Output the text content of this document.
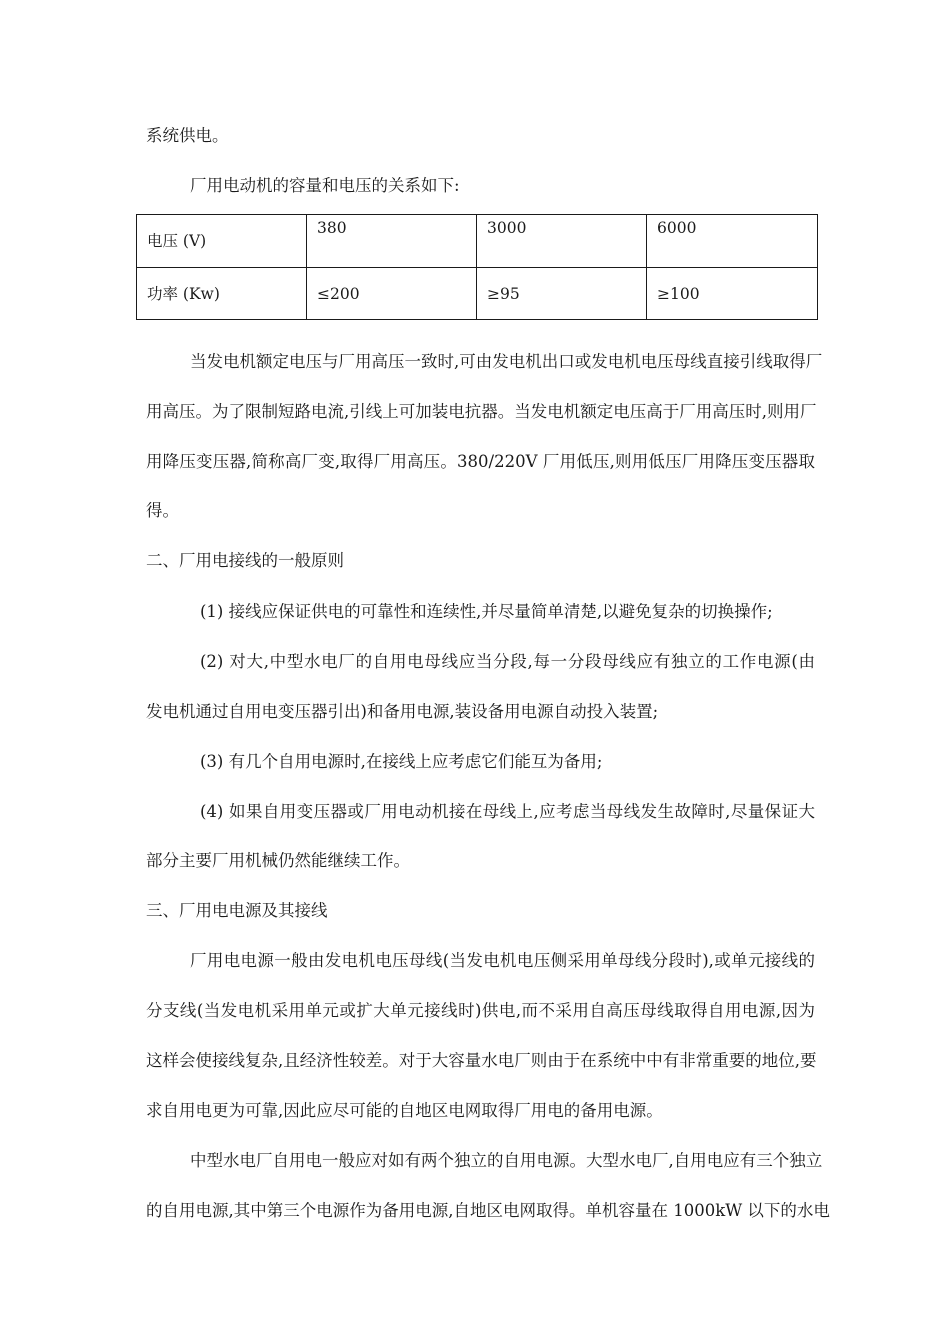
系统供电。
厂用电动机的容量和电压的关系如下:
电压 (V)	380	3000	6000
功率 (Kw)	≤200	≥95	≥100
当发电机额定电压与厂用高压一致时,可由发电机出口或发电机电压母线直接引线取得厂
用高压。为了限制短路电流,引线上可加装电抗器。当发电机额定电压高于厂用高压时,则用厂
用降压变压器,简称高厂变,取得厂用高压。380/220V 厂用低压,则用低压厂用降压变压器取
得。
二、厂用电接线的一般原则
(1) 接线应保证供电的可靠性和连续性,并尽量简单清楚,以避免复杂的切换操作;
(2) 对大,中型水电厂的自用电母线应当分段,每一分段母线应有独立的工作电源(由
发电机通过自用电变压器引出)和备用电源,装设备用电源自动投入装置;
(3) 有几个自用电源时,在接线上应考虑它们能互为备用;
(4) 如果自用变压器或厂用电动机接在母线上,应考虑当母线发生故障时,尽量保证大
部分主要厂用机械仍然能继续工作。
三、厂用电电源及其接线
厂用电电源一般由发电机电压母线(当发电机电压侧采用单母线分段时),或单元接线的
分支线(当发电机采用单元或扩大单元接线时)供电,而不采用自高压母线取得自用电源,因为
这样会使接线复杂,且经济性较差。对于大容量水电厂则由于在系统中中有非常重要的地位,要
求自用电更为可靠,因此应尽可能的自地区电网取得厂用电的备用电源。
中型水电厂自用电一般应对如有两个独立的自用电源。大型水电厂,自用电应有三个独立
的自用电源,其中第三个电源作为备用电源,自地区电网取得。单机容量在 1000kW 以下的水电
